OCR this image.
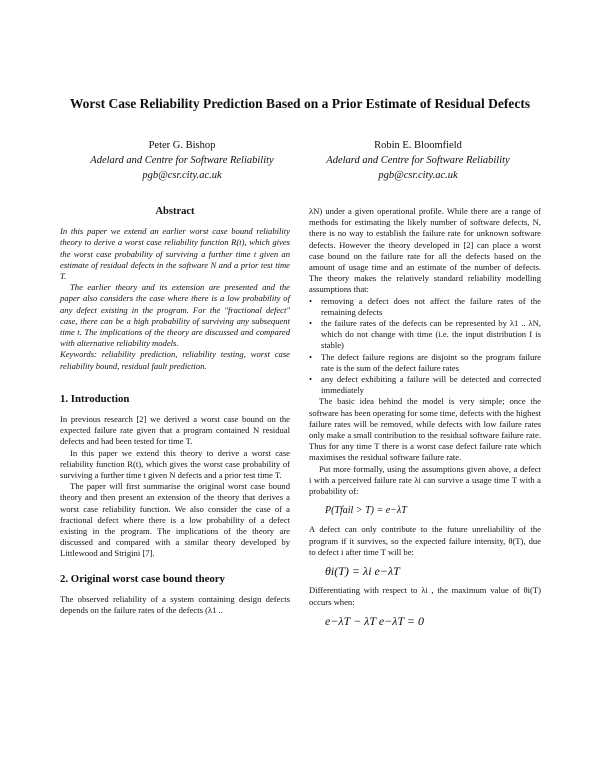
Worst Case Reliability Prediction Based on a Prior Estimate of Residual Defects
Peter G. Bishop
Adelard and Centre for Software Reliability
pgb@csr.city.ac.uk
Robin E. Bloomfield
Adelard and Centre for Software Reliability
pgb@csr.city.ac.uk
Abstract

In this paper we extend an earlier worst case bound reliability theory to derive a worst case reliability function R(t), which gives the worst case probability of surviving a further time t given an estimate of residual defects in the software N and a prior test time T.

The earlier theory and its extension are presented and the paper also considers the case where there is a low probability of any defect existing in the program. For the "fractional defect" case, there can be a high probability of surviving any subsequent time t. The implications of the theory are discussed and compared with alternative reliability models.

Keywords: reliability prediction, reliability testing, worst case reliability bound, residual fault prediction.

1. Introduction

In previous research [2] we derived a worst case bound on the expected failure rate given that a program contained N residual defects and had been tested for time T.

In this paper we extend this theory to derive a worst case reliability function R(t), which gives the worst case probability of surviving a further time t given N defects and a prior test time T.

The paper will first summarise the original worst case bound theory and then present an extension of the theory that derives a worst case reliability function. We also consider the case of a fractional defect where there is a low probability of a defect existing in the program. The implications of the theory are discussed and compared with a similar theory developed by Littlewood and Strigini [7].

2. Original worst case bound theory

The observed reliability of a system containing design defects depends on the failure rates of the defects (λ1 ..

λN) under a given operational profile. While there are a range of methods for estimating the likely number of software defects, N, there is no way to establish the failure rate for unknown software defects. However the theory developed in [2] can place a worst case bound on the failure rate for all the defects based on the amount of usage time and an estimate of the number of defects. The theory makes the relatively standard reliability modelling assumptions that:

• removing a defect does not affect the failure rates of the remaining defects
• the failure rates of the defects can be represented by λ1 .. λN, which do not change with time (i.e. the input distribution I is stable)
• The defect failure regions are disjoint so the program failure rate is the sum of the defect failure rates
• any defect exhibiting a failure will be detected and corrected immediately

The basic idea behind the model is very simple; once the software has been operating for some time, defects with the highest failure rates will be removed, while defects with low failure rates only make a small contribution to the residual software failure rate. Thus for any time T there is a worst case defect failure rate which maximises the residual software failure rate.

Put more formally, using the assumptions given above, a defect i with a perceived failure rate λi can survive a usage time T with a probability of:

P(Tfail > T) = e−λT

A defect can only contribute to the future unreliability of the program if it survives, so the expected failure intensity, θ(T), due to defect i after time T will be:

θi(T) = λi e−λT

Differentiating with respect to λi , the maximum value of θi(T) occurs when:

e−λT − λT e−λT = 0
